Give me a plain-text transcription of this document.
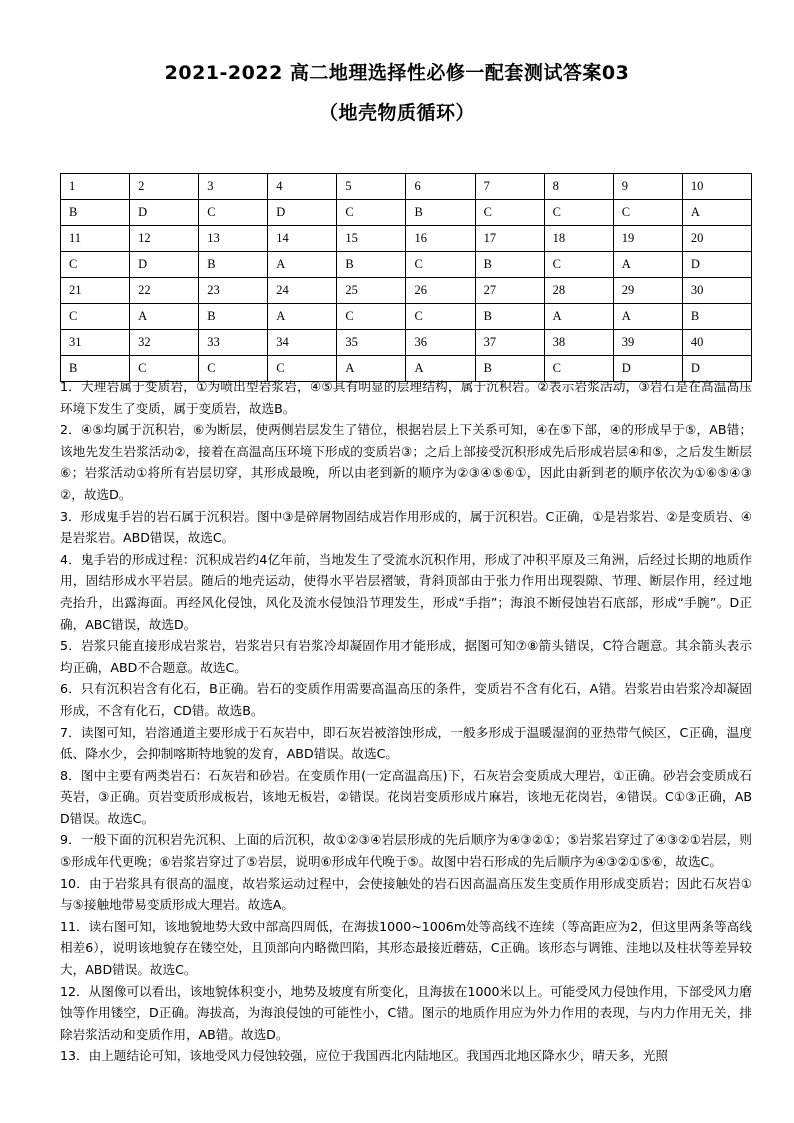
2021-2022 高二地理选择性必修一配套测试答案03
（地壳物质循环）
1	2	3	4	5	6	7	8	9	10
B	D	C	D	C	B	C	C	C	A
11	12	13	14	15	16	17	18	19	20
C	D	B	A	B	C	B	C	A	D
21	22	23	24	25	26	27	28	29	30
C	A	B	A	C	C	B	A	A	B
31	32	33	34	35	36	37	38	39	40
B	C	C	C	A	A	B	C	D	D

1．大理岩属于变质岩，①为喷出型岩浆岩，④⑤具有明显的层理结构，属于沉积岩。②表示岩浆活动，③岩石是在高温高压环境下发生了变质，属于变质岩，故选B。

2．④⑤均属于沉积岩，⑥为断层，使两侧岩层发生了错位，根据岩层上下关系可知，④在⑤下部，④的形成早于⑤，AB错；该地先发生岩浆活动②，接着在高温高压环境下形成的变质岩③；之后上部接受沉积形成先后形成岩层④和⑤，之后发生断层⑥；岩浆活动①将所有岩层切穿，其形成最晚，所以由老到新的顺序为②③④⑤⑥①，因此由新到老的顺序依次为①⑥⑤④③②，故选D。

3．形成鬼手岩的岩石属于沉积岩。图中③是碎屑物固结成岩作用形成的，属于沉积岩。C正确，①是岩浆岩、②是变质岩、④是岩浆岩。ABD错误，故选C。

4．鬼手岩的形成过程：沉积成岩约4亿年前，当地发生了受流水沉积作用，形成了冲积平原及三角洲，后经过长期的地质作用，固结形成水平岩层。随后的地壳运动，使得水平岩层褶皱，背斜顶部由于张力作用出现裂隙、节理、断层作用，经过地壳抬升，出露海面。再经风化侵蚀，风化及流水侵蚀沿节理发生，形成“手指”；海浪不断侵蚀岩石底部，形成“手腕”。D正确，ABC错误，故选D。

5．岩浆只能直接形成岩浆岩，岩浆岩只有岩浆冷却凝固作用才能形成，据图可知⑦⑧箭头错误，C符合题意。其余箭头表示均正确，ABD不合题意。故选C。

6．只有沉积岩含有化石，B正确。岩石的变质作用需要高温高压的条件，变质岩不含有化石，A错。岩浆岩由岩浆冷却凝固形成，不含有化石，CD错。故选B。

7．读图可知，岩溶通道主要形成于石灰岩中，即石灰岩被溶蚀形成，一般多形成于温暖湿润的亚热带气候区，C正确，温度低、降水少，会抑制喀斯特地貌的发育，ABD错误。故选C。

8．图中主要有两类岩石：石灰岩和砂岩。在变质作用(一定高温高压)下，石灰岩会变质成大理岩，①正确。砂岩会变质成石英岩，③正确。页岩变质形成板岩，该地无板岩，②错误。花岗岩变质形成片麻岩，该地无花岗岩，④错误。C①③正确，ABD错误。故选C。

9．一般下面的沉积岩先沉积、上面的后沉积，故①②③④岩层形成的先后顺序为④③②①；⑤岩浆岩穿过了④③②①岩层，则⑤形成年代更晚；⑥岩浆岩穿过了⑤岩层，说明⑥形成年代晚于⑤。故图中岩石形成的先后顺序为④③②①⑤⑥，故选C。

10．由于岩浆具有很高的温度，故岩浆运动过程中，会使接触处的岩石因高温高压发生变质作用形成变质岩；因此石灰岩①与⑤接触地带易变质形成大理岩。故选A。

11．读右图可知，该地貌地势大致中部高四周低，在海拔1000~1006m处等高线不连续（等高距应为2，但这里两条等高线相差6），说明该地貌存在镂空处，且顶部向内略微凹陷，其形态最接近蘑菇，C正确。该形态与调锥、洼地以及柱状等差异较大，ABD错误。故选C。

12．从图像可以看出，该地貌体积变小，地势及坡度有所变化，且海拔在1000米以上。可能受风力侵蚀作用，下部受风力磨蚀等作用镂空，D正确。海拔高，为海浪侵蚀的可能性小，C错。图示的地质作用应为外力作用的表现，与内力作用无关，排除岩浆活动和变质作用，AB错。故选D。

13．由上题结论可知，该地受风力侵蚀较强，应位于我国西北内陆地区。我国西北地区降水少，晴天多，光照
